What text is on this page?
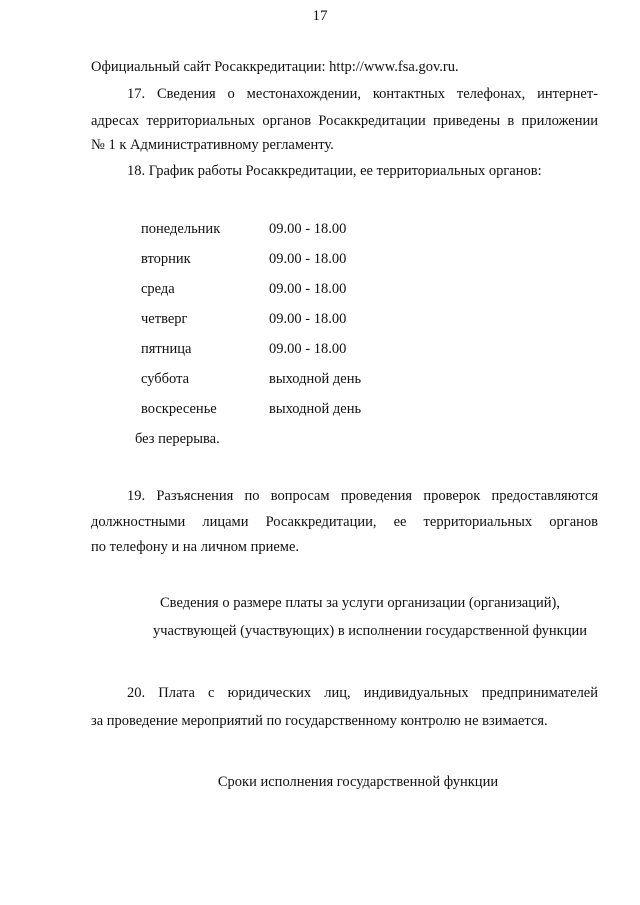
17
Официальный сайт Росаккредитации: http://www.fsa.gov.ru.
17. Сведения о местонахождении, контактных телефонах, интернет-
адресах территориальных органов Росаккредитации приведены в приложении
№ 1 к Административному регламенту.
18. График работы Росаккредитации, ее территориальных органов:
понедельник	09.00 - 18.00
вторник	09.00 - 18.00
среда	09.00 - 18.00
четверг	09.00 - 18.00
пятница	09.00 - 18.00
суббота	выходной день
воскресенье	выходной день
без перерыва.
19. Разъяснения по вопросам проведения проверок предоставляются
должностными лицами Росаккредитации, ее территориальных органов
по телефону и на личном приеме.
Сведения о размере платы за услуги организации (организаций),
участвующей (участвующих) в исполнении государственной функции
20. Плата с юридических лиц, индивидуальных предпринимателей
за проведение мероприятий по государственному контролю не взимается.
Сроки исполнения государственной функции
